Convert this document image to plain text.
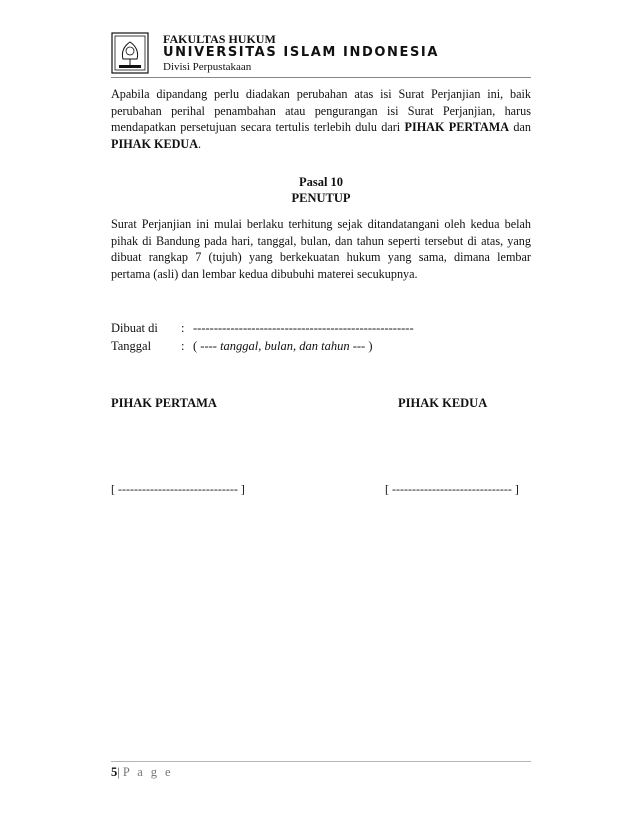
FAKULTAS HUKUM
UNIVERSITAS ISLAM INDONESIA
Divisi Perpustakaan
Apabila dipandang perlu diadakan perubahan atas isi Surat Perjanjian ini, baik perubahan perihal penambahan atau pengurangan isi Surat Perjanjian, harus mendapatkan persetujuan secara tertulis terlebih dulu dari PIHAK PERTAMA dan PIHAK KEDUA.
Pasal 10
PENUTUP
Surat Perjanjian ini mulai berlaku terhitung sejak ditandatangani oleh kedua belah pihak di Bandung pada hari, tanggal, bulan, dan tahun seperti tersebut di atas, yang dibuat rangkap 7 (tujuh) yang berkekuatan hukum yang sama, dimana lembar pertama (asli) dan lembar kedua dibubuhi materei secukupnya.
Dibuat di	: -----------------------------------------------------
Tanggal	: ( ---- tanggal, bulan, dan tahun --- )
PIHAK PERTAMA	PIHAK KEDUA
[ ------------------------------ ]	[ ------------------------------ ]
5| P a g e
